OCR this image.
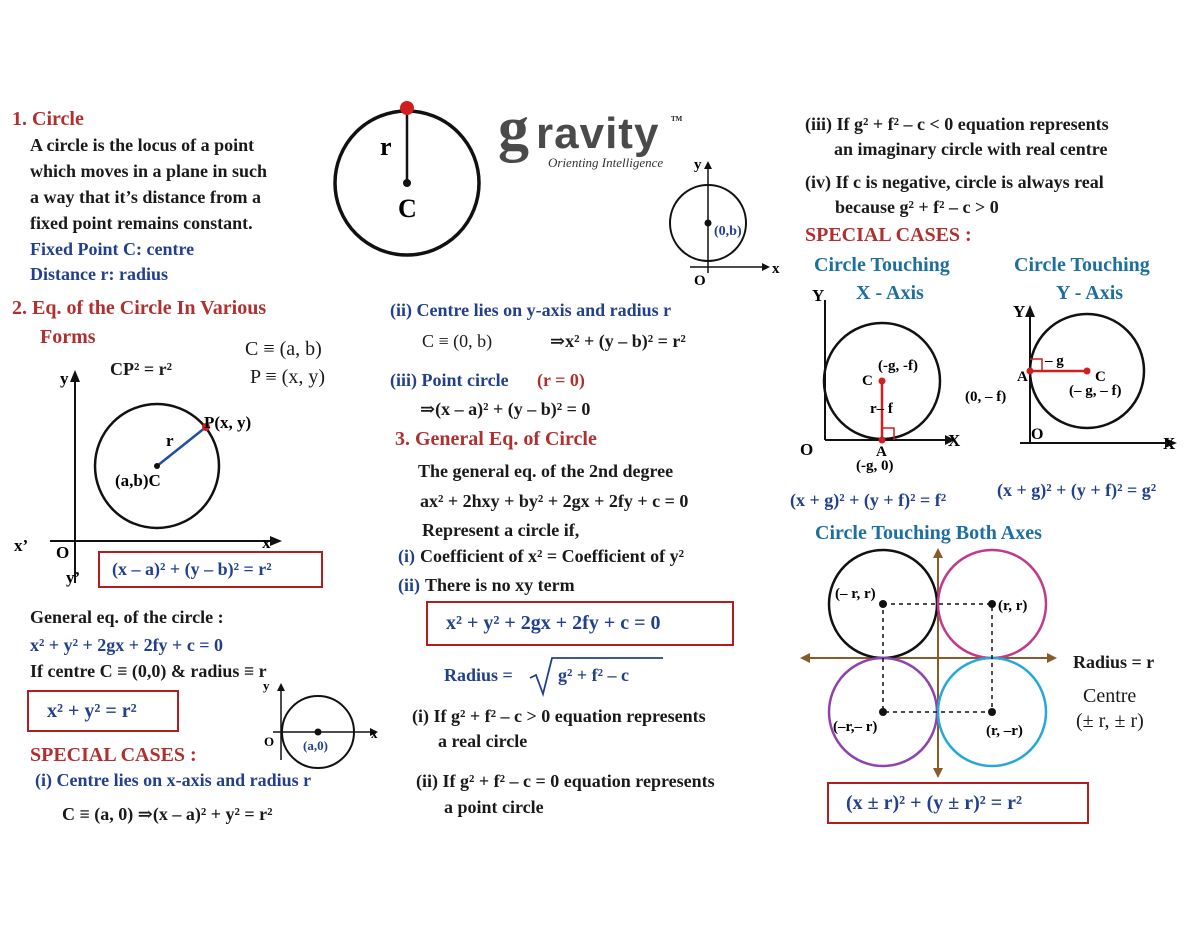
g ravity
Orienting Intelligence
TM
1. Circle
A circle is the locus of a point
which moves in a plane in such
a way that it’s distance from a
fixed point remains constant.
Fixed Point C: centre
Distance r: radius
r
C
2. Eq. of the Circle In Various
Forms
CP² = r²
C ≡ (a, b)
P ≡ (x, y)
y
x
x’
y’
O
P(x, y)
r
(a,b)C
(x – a)² + (y – b)² = r²
General eq. of the circle :
x² + y² + 2gx + 2fy + c = 0
If centre C ≡ (0,0) & radius ≡ r
x² + y² = r²
y
x
O (a,0)
SPECIAL CASES :
(i) Centre lies on x-axis and radius r
C ≡ (a, 0) ⇒(x – a)² + y² = r²
y
x
O
(0,b)
(ii) Centre lies on y-axis and radius r
C ≡ (0, b)	⇒x² + (y – b)² = r²
(iii) Point circle (r = 0)
⇒(x – a)² + (y – b)² = 0
3. General Eq. of Circle
The general eq. of the 2nd degree
ax² + 2hxy + by² + 2gx + 2fy + c = 0
Represent a circle if,
(i) Coefficient of x² = Coefficient of y²
(ii) There is no xy term
x² + y² + 2gx + 2fy + c = 0
Radius =	g² + f² – c
(i) If g² + f² – c > 0 equation represents
a real circle
(ii) If g² + f² – c = 0 equation represents
a point circle
(iii) If g² + f² – c < 0 equation represents
an imaginary circle with real centre
(iv) If c is negative, circle is always real
because g² + f² – c > 0
SPECIAL CASES :
Circle Touching
X - Axis
Circle Touching
Y - Axis
Y
X
O
(-g, -f)
C
r– f
A
(-g, 0)
Y
X
O
– g
A
(0, – f)
C
(– g, – f)
(x + g)² + (y + f)² = f²	(x + g)² + (y + f)² = g²
Circle Touching Both Axes
(– r, r)
(r, r)
(–r,– r)	(r, –r)
Radius = r
Centre
(± r, ± r)
(x ± r)² + (y ± r)² = r²
